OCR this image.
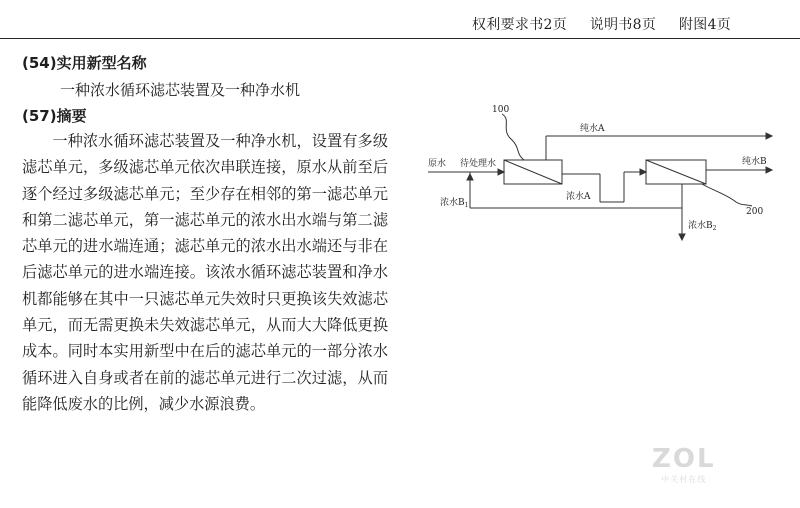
权利要求书2页 说明书8页 附图4页
(54)实用新型名称
一种浓水循环滤芯装置及一种净水机
(57)摘要
一种浓水循环滤芯装置及一种净水机，设置有多级滤芯单元，多级滤芯单元依次串联连接，原水从前至后逐个经过多级滤芯单元；至少存在相邻的第一滤芯单元和第二滤芯单元，第一滤芯单元的浓水出水端与第二滤芯单元的进水端连通；滤芯单元的浓水出水端还与非在后滤芯单元的进水端连接。该浓水循环滤芯装置和净水机都能够在其中一只滤芯单元失效时只更换该失效滤芯单元，而无需更换未失效滤芯单元，从而大大降低更换成本。同时本实用新型中在后的滤芯单元的一部分浓水循环进入自身或者在前的滤芯单元进行二次过滤，从而能降低废水的比例，减少水源浪费。
100
纯水A
原水 待处理水	纯水B
浓水A
浓水$B_1$
浓水$B_2$
200
ZOL
中关村在线
